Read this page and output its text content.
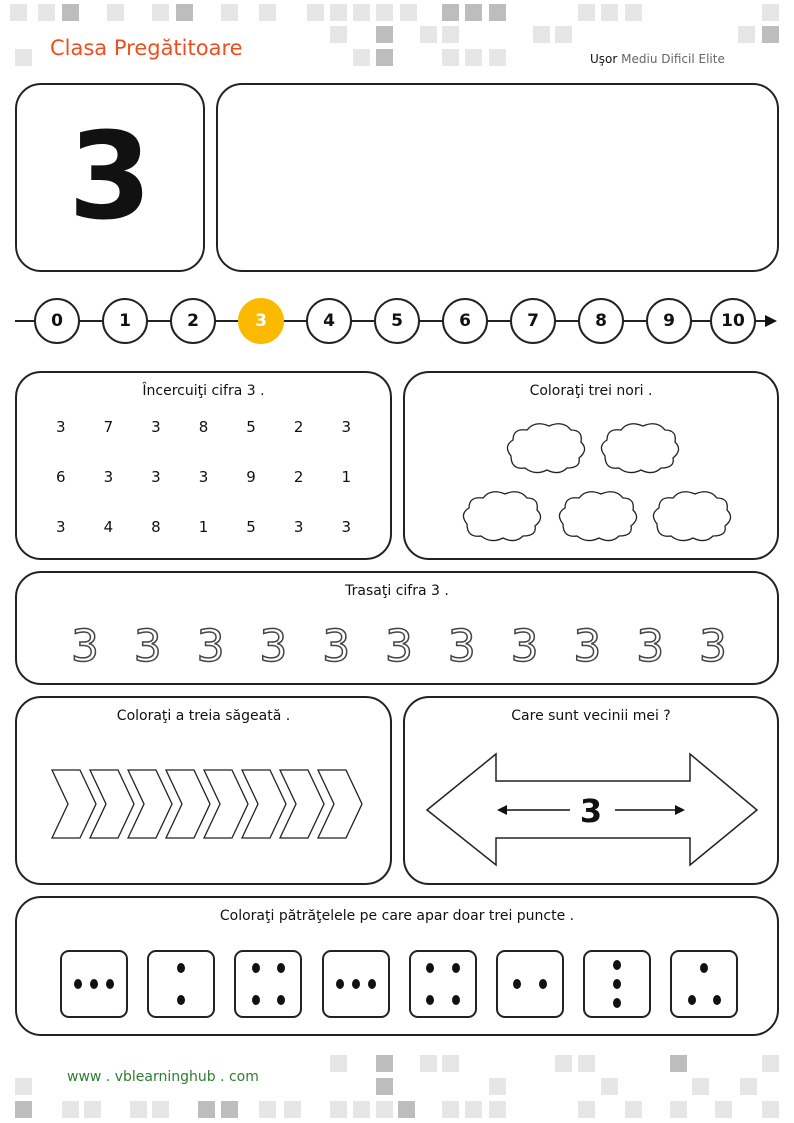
Clasa Pregătitoare	Uşor Mediu Dificil Elite
3
0	1	2	3	4	5	6	7	8	9	10
Încercuiţi cifra 3 .
3	7	3	8	5	2	3
6	3	3	3	9	2	1
3	4	8	1	5	3	3
Coloraţi trei nori .
Trasaţi cifra 3 .
3 3 3 3 3 3 3 3 3 3 3
Coloraţi a treia săgeată .	Care sunt vecinii mei ?
3
Coloraţi pătrăţelele pe care apar doar trei puncte .
www . vblearninghub . com
